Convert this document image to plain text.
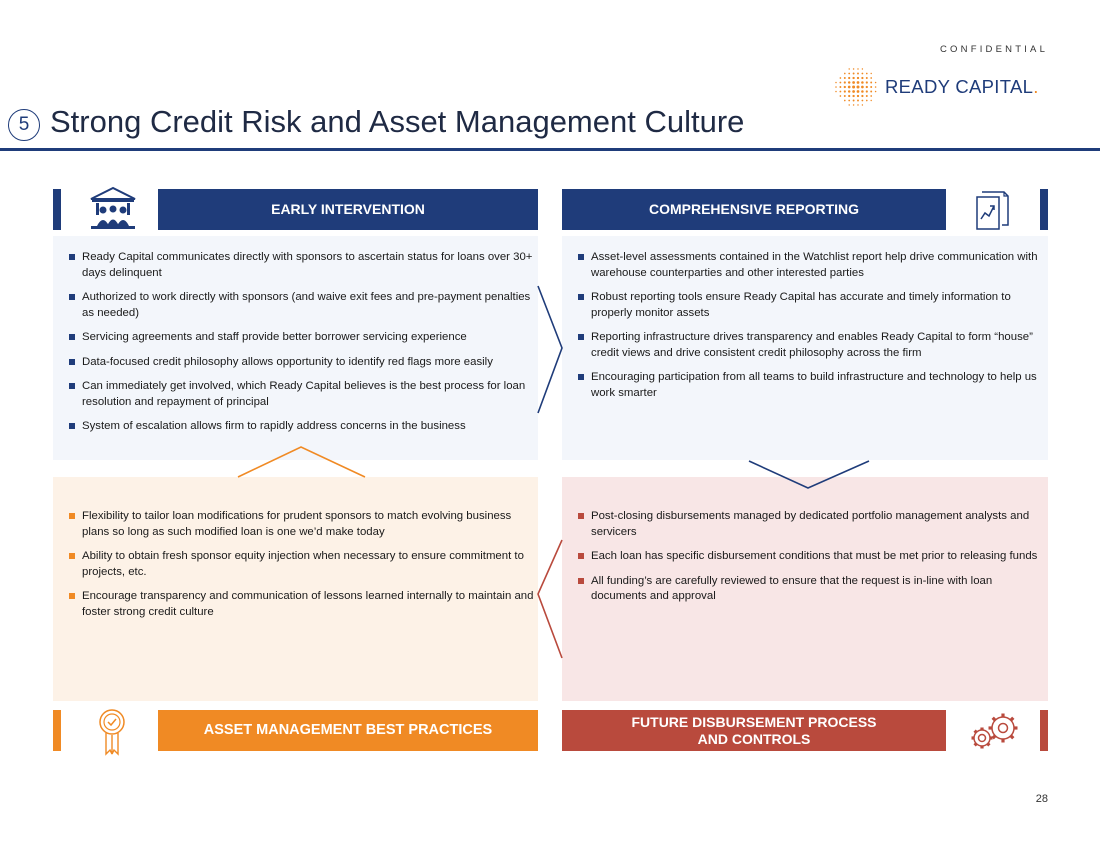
CONFIDENTIAL
READY CAPITAL.
5 Strong Credit Risk and Asset Management Culture
EARLY INTERVENTION	COMPREHENSIVE REPORTING
ASSET MANAGEMENT BEST PRACTICES
FUTURE DISBURSEMENT PROCESS
AND CONTROLS
Ready Capital communicates directly with sponsors to ascertain status for loans over 30+ days delinquent
Authorized to work directly with sponsors (and waive exit fees and pre-payment penalties as needed)
Servicing agreements and staff provide better borrower servicing experience
Data-focused credit philosophy allows opportunity to identify red flags more easily
Can immediately get involved, which Ready Capital believes is the best process for loan resolution and repayment of principal
System of escalation allows firm to rapidly address concerns in the business
Asset-level assessments contained in the Watchlist report help drive communication with warehouse counterparties and other interested parties
Robust reporting tools ensure Ready Capital has accurate and timely information to properly monitor assets
Reporting infrastructure drives transparency and enables Ready Capital to form “house” credit views and drive consistent credit philosophy across the firm
Encouraging participation from all teams to build infrastructure and technology to help us work smarter
Flexibility to tailor loan modifications for prudent sponsors to match evolving business plans so long as such modified loan is one we’d make today
Ability to obtain fresh sponsor equity injection when necessary to ensure commitment to projects, etc.
Encourage transparency and communication of lessons learned internally to maintain and foster strong credit culture
Post-closing disbursements managed by dedicated portfolio management analysts and servicers
Each loan has specific disbursement conditions that must be met prior to releasing funds
All funding’s are carefully reviewed to ensure that the request is in-line with loan documents and approval
28
